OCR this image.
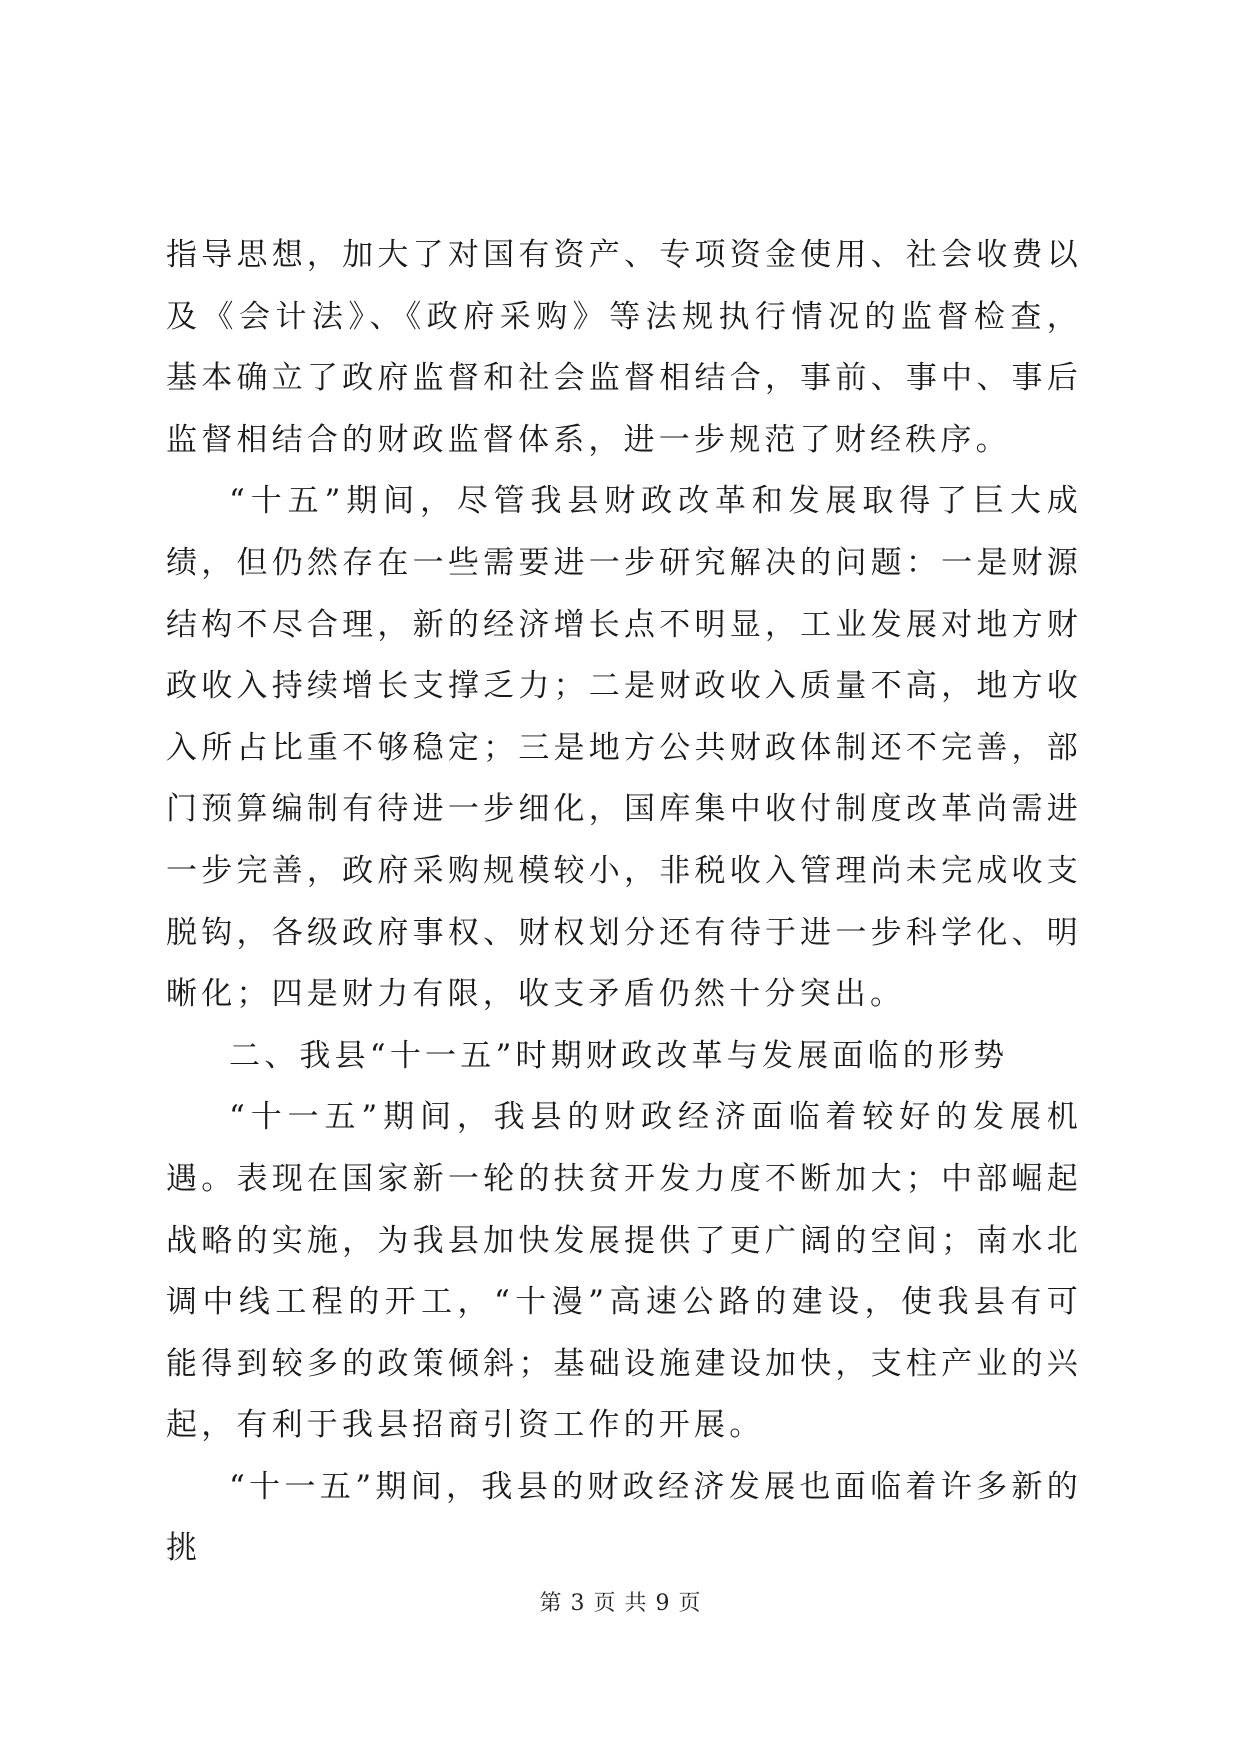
指导思想，加大了对国有资产、专项资金使用、社会收费以及《会计法》、《政府采购》等法规执行情况的监督检查，基本确立了政府监督和社会监督相结合，事前、事中、事后监督相结合的财政监督体系，进一步规范了财经秩序。

“十五”期间，尽管我县财政改革和发展取得了巨大成绩，但仍然存在一些需要进一步研究解决的问题：一是财源结构不尽合理，新的经济增长点不明显，工业发展对地方财政收入持续增长支撑乏力；二是财政收入质量不高，地方收入所占比重不够稳定；三是地方公共财政体制还不完善，部门预算编制有待进一步细化，国库集中收付制度改革尚需进一步完善，政府采购规模较小，非税收入管理尚未完成收支脱钩，各级政府事权、财权划分还有待于进一步科学化、明晰化；四是财力有限，收支矛盾仍然十分突出。

二、我县“十一五”时期财政改革与发展面临的形势

“十一五”期间，我县的财政经济面临着较好的发展机遇。表现在国家新一轮的扶贫开发力度不断加大；中部崛起战略的实施，为我县加快发展提供了更广阔的空间；南水北调中线工程的开工，“十漫”高速公路的建设，使我县有可能得到较多的政策倾斜；基础设施建设加快，支柱产业的兴起，有利于我县招商引资工作的开展。

“十一五”期间，我县的财政经济发展也面临着许多新的挑

第 3 页 共 9 页
